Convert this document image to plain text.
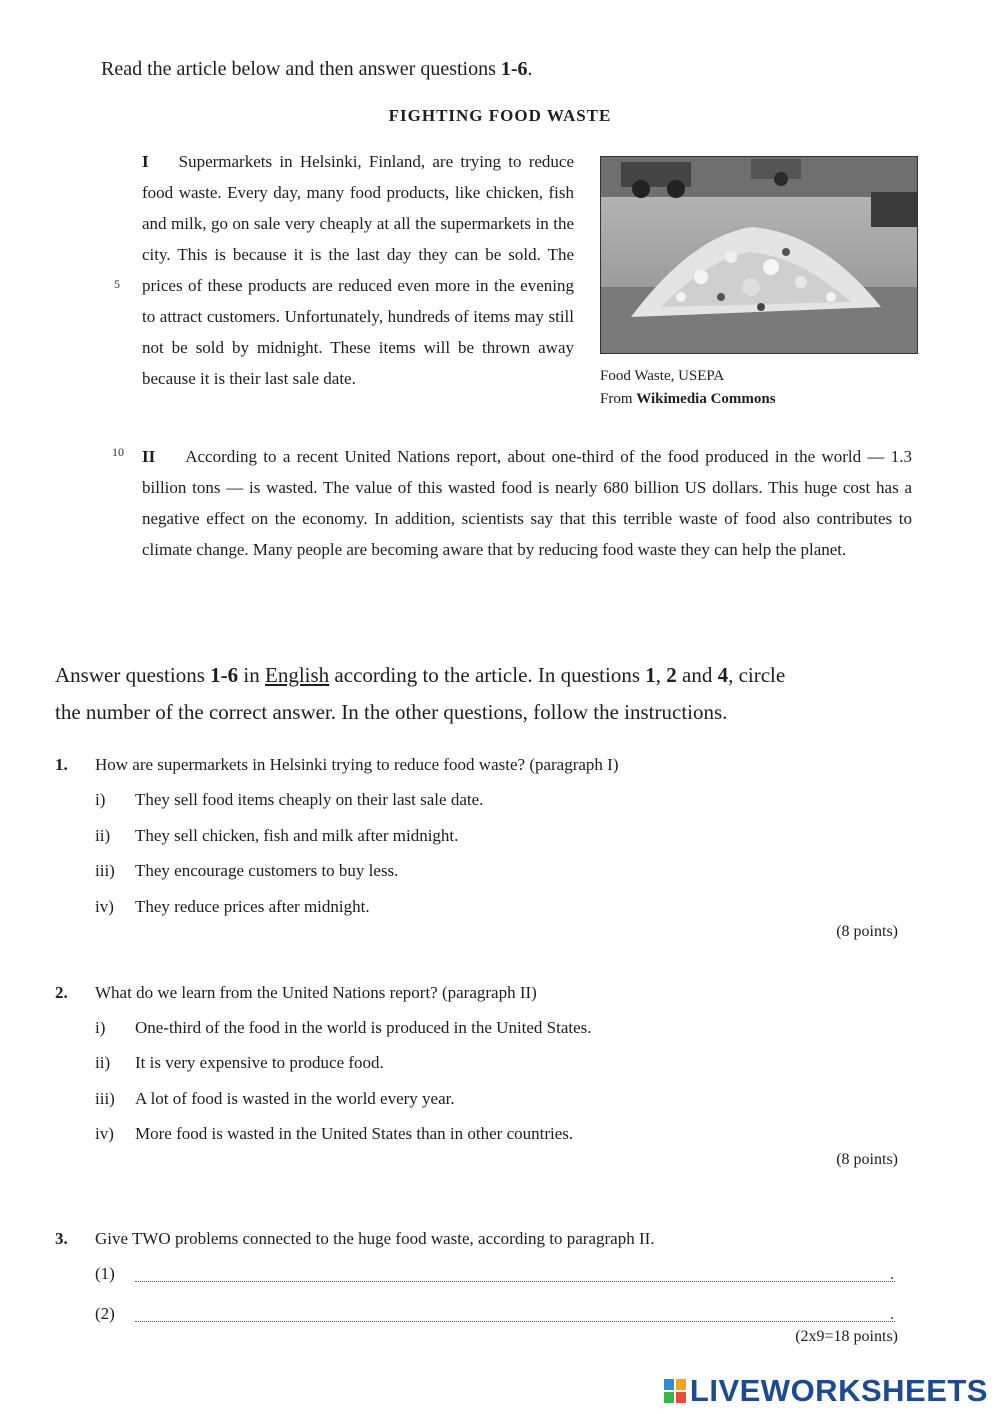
Read the article below and then answer questions 1-6.
FIGHTING FOOD WASTE
I Supermarkets in Helsinki, Finland, are trying to reduce food waste. Every day, many food products, like chicken, fish and milk, go on sale very cheaply at all the supermarkets in the city. This is because it is the last day they can be sold. The prices of these products are reduced even more in the evening to attract customers. Unfortunately, hundreds of items may still not be sold by midnight. These items will be thrown away because it is their last sale date.
5
Food Waste, USEPA
From Wikimedia Commons
10 II According to a recent United Nations report, about one-third of the food produced in the world — 1.3 billion tons — is wasted. The value of this wasted food is nearly 680 billion US dollars. This huge cost has a negative effect on the economy. In addition, scientists say that this terrible waste of food also contributes to climate change. Many people are becoming aware that by reducing food waste they can help the planet.
Answer questions 1-6 in English according to the article. In questions 1, 2 and 4, circle
the number of the correct answer. In the other questions, follow the instructions.
1. How are supermarkets in Helsinki trying to reduce food waste? (paragraph I)
i) They sell food items cheaply on their last sale date.
ii) They sell chicken, fish and milk after midnight.
iii) They encourage customers to buy less.
iv) They reduce prices after midnight.
(8 points)
2. What do we learn from the United Nations report? (paragraph II)
i) One-third of the food in the world is produced in the United States.
ii) It is very expensive to produce food.
iii) A lot of food is wasted in the world every year.
iv) More food is wasted in the United States than in other countries.
(8 points)
3. Give TWO problems connected to the huge food waste, according to paragraph II.
(1)	.
(2)	.
(2x9=18 points)
LIVEWORKSHEETS
